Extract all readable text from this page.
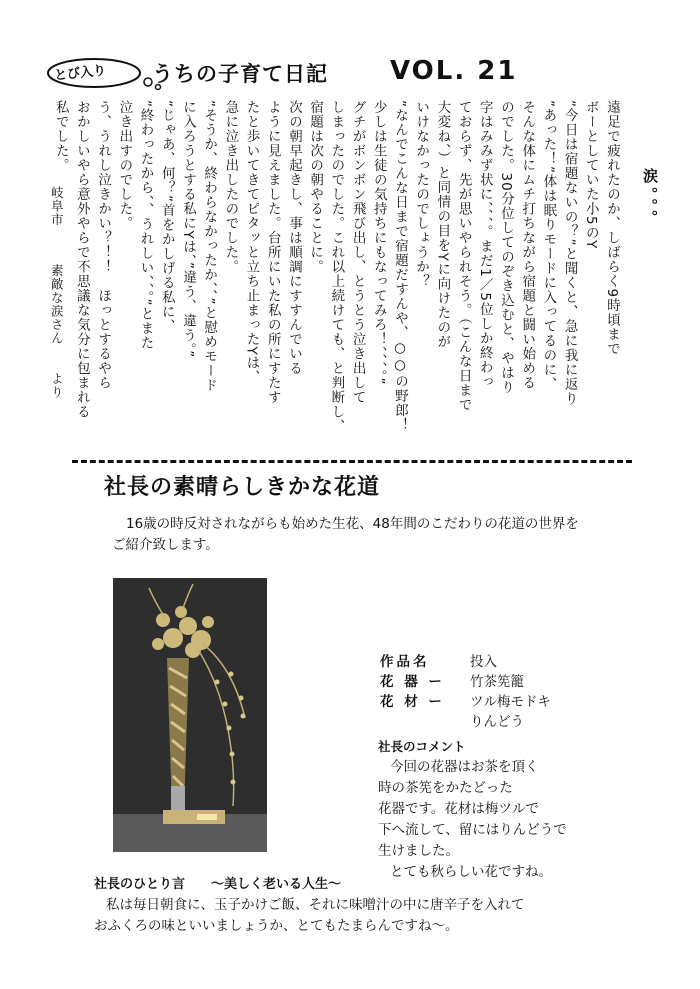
とび入り うちの子育て日記 VOL. 21
涙。。。

遠足で疲れたのか、しばらく9時頃まで

ボーとしていた小5のY

”今日は宿題ないの？”と聞くと、急に我に返り

”あった！”体は眠りモードに入ってるのに、

そんな体にムチ打ちながら宿題と闘い始める

のでした。30分位してのぞき込むと、やはり

字はみみず状に、、、。まだ1／5位しか終わっ

ておらず、先が思いやられそう。（こんな日まで

大変ね、）と同情の目をYに向けたのが

いけなかったのでしょうか？

”なんでこんな日まで宿題だすんや、○○の野郎！

少しは生徒の気持ちにもなってみろ！、、、。”

グチがボンボン飛び出し、とうとう泣き出して

しまったのでした。これ以上続けても、と判断し、

宿題は次の朝やることに。

次の朝早起きし、事は順調にすすんでいる

ように見えました。台所にいた私の所にすたす

たと歩いてきてピタッと立ち止まったYは、

急に泣き出したのでした。

”そうか、終わらなかったか、、”と慰めモード

に入ろうとする私にYは、”違う、違う。”

”じゃあ、何？”首をかしげる私に、

”終わったから、、うれしい、、。”とまた

泣き出すのでした。

う、うれし泣きかい？！！　ほっとするやら

おかしいやら意外やらで不思議な気分に包まれる

私でした。

岐阜市
素敵な涙さん
より
社長の素晴らしきかな花道
16歳の時反対されながらも始めた生花、48年間のこだわりの花道の世界をご紹介致します。
作品名	投入
花 器 ー	竹茶筅籠
花 材 ー	ツル梅モドキ
りんどう
社長のコメント
今回の花器はお茶を頂く
時の茶筅をかたどった
花器です。花材は梅ツルで
下へ流して、留にはりんどうで
生けました。
とても秋らしい花ですね。
社長のひとり言　　～美しく老いる人生～
私は毎日朝食に、玉子かけご飯、それに味噌汁の中に唐辛子を入れて
おふくろの味といいましょうか、とてもたまらんですね～。
